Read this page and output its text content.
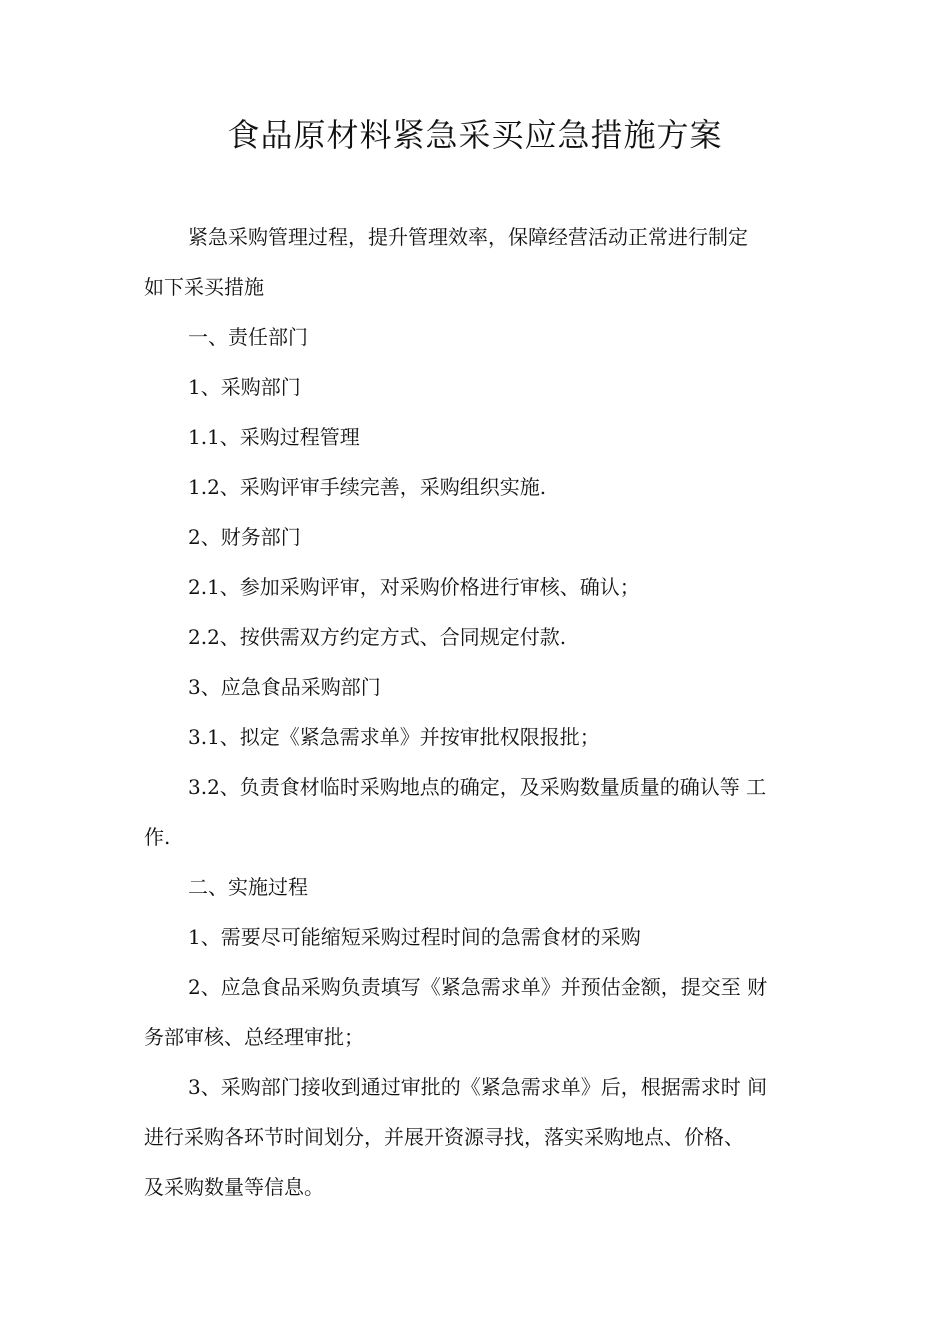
食品原材料紧急采买应急措施方案

紧急采购管理过程，提升管理效率，保障经营活动正常进行制定
如下采买措施

一、责任部门

1、采购部门

1.1、采购过程管理

1.2、采购评审手续完善，采购组织实施.

2、财务部门

2.1、参加采购评审，对采购价格进行审核、确认；

2.2、按供需双方约定方式、合同规定付款.

3、应急食品采购部门

3.1、拟定《紧急需求单》并按审批权限报批；

3.2、负责食材临时采购地点的确定，及采购数量质量的确认等 工
作.

二、实施过程

1、需要尽可能缩短采购过程时间的急需食材的采购

2、应急食品采购负责填写《紧急需求单》并预估金额，提交至 财
务部审核、总经理审批；

3、采购部门接收到通过审批的《紧急需求单》后，根据需求时 间
进行采购各环节时间划分，并展开资源寻找，落实采购地点、价格、
及采购数量等信息。
